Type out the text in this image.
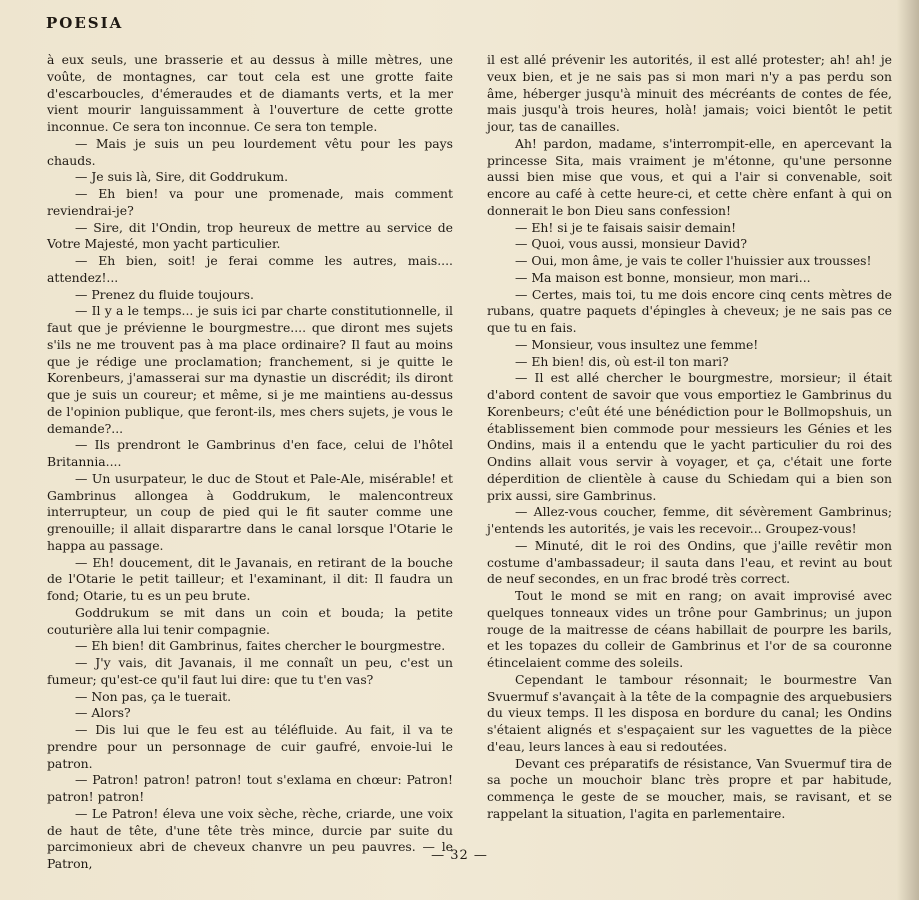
POESIA

à eux seuls, une brasserie et au dessus à mille mètres, une voûte, de montagnes, car tout cela est une grotte faite d'escarboucles, d'émeraudes et de diamants verts, et la mer vient mourir languissamment à l'ouverture de cette grotte inconnue. Ce sera ton inconnue. Ce sera ton temple.

— Mais je suis un peu lourdement vêtu pour les pays chauds.

— Je suis là, Sire, dit Goddrukum.

— Eh bien! va pour une promenade, mais comment reviendrai-je?

— Sire, dit l'Ondin, trop heureux de mettre au service de Votre Majesté, mon yacht particulier.

— Eh bien, soit! je ferai comme les autres, mais.... attendez!...

— Prenez du fluide toujours.

— Il y a le temps... je suis ici par charte constitutionnelle, il faut que je prévienne le bourgmestre.... que diront mes sujets s'ils ne me trouvent pas à ma place ordinaire? Il faut au moins que je rédige une proclamation; franchement, si je quitte le Korenbeurs, j'amasserai sur ma dynastie un discrédit; ils diront que je suis un coureur; et même, si je me maintiens au-dessus de l'opinion publique, que feront-ils, mes chers sujets, je vous le demande?...

— Ils prendront le Gambrinus d'en face, celui de l'hôtel Britannia....

— Un usurpateur, le duc de Stout et Pale-Ale, misérable! et Gambrinus allongea à Goddrukum, le malencontreux interrupteur, un coup de pied qui le fit sauter comme une grenouille; il allait disparartre dans le canal lorsque l'Otarie le happa au passage.

— Eh! doucement, dit le Javanais, en retirant de la bouche de l'Otarie le petit tailleur; et l'examinant, il dit: Il faudra un fond; Otarie, tu es un peu brute.

Goddrukum se mit dans un coin et bouda; la petite couturière alla lui tenir compagnie.

— Eh bien! dit Gambrinus, faites chercher le bourgmestre.

— J'y vais, dit Javanais, il me connaît un peu, c'est un fumeur; qu'est-ce qu'il faut lui dire: que tu t'en vas?

— Non pas, ça le tuerait.

— Alors?

— Dis lui que le feu est au téléfluide. Au fait, il va te prendre pour un personnage de cuir gaufré, envoie-lui le patron.

— Patron! patron! patron! tout s'exlama en chœur: Patron! patron! patron!

— Le Patron! éleva une voix sèche, rèche, criarde, une voix de haut de tête, d'une tête très mince, durcie par suite du parcimonieux abri de cheveux chanvre un peu pauvres. — le Patron,

il est allé prévenir les autorités, il est allé protester; ah! ah! je veux bien, et je ne sais pas si mon mari n'y a pas perdu son âme, héberger jusqu'à minuit des mécréants de contes de fée, mais jusqu'à trois heures, holà! jamais; voici bientôt le petit jour, tas de canailles.

Ah! pardon, madame, s'interrompit-elle, en apercevant la princesse Sita, mais vraiment je m'étonne, qu'une personne aussi bien mise que vous, et qui a l'air si convenable, soit encore au café à cette heure-ci, et cette chère enfant à qui on donnerait le bon Dieu sans confession!

— Eh! si je te faisais saisir demain!

— Quoi, vous aussi, monsieur David?

— Oui, mon âme, je vais te coller l'huissier aux trousses!

— Ma maison est bonne, monsieur, mon mari...

— Certes, mais toi, tu me dois encore cinq cents mètres de rubans, quatre paquets d'épingles à cheveux; je ne sais pas ce que tu en fais.

— Monsieur, vous insultez une femme!

— Eh bien! dis, où est-il ton mari?

— Il est allé chercher le bourgmestre, morsieur; il était d'abord content de savoir que vous emportiez le Gambrinus du Korenbeurs; c'eût été une bénédiction pour le Bollmopshuis, un établissement bien commode pour messieurs les Génies et les Ondins, mais il a entendu que le yacht particulier du roi des Ondins allait vous servir à voyager, et ça, c'était une forte déperdition de clientèle à cause du Schiedam qui a bien son prix aussi, sire Gambrinus.

— Allez-vous coucher, femme, dit sévèrement Gambrinus; j'entends les autorités, je vais les recevoir... Groupez-vous!

— Minuté, dit le roi des Ondins, que j'aille revêtir mon costume d'ambassadeur; il sauta dans l'eau, et revint au bout de neuf secondes, en un frac brodé très correct.

Tout le mond se mit en rang; on avait improvisé avec quelques tonneaux vides un trône pour Gambrinus; un jupon rouge de la maitresse de céans habillait de pourpre les barils, et les topazes du colleir de Gambrinus et l'or de sa couronne étincelaient comme des soleils.

Cependant le tambour résonnait; le bourmestre Van Svuermuf s'avançait à la tête de la compagnie des arquebusiers du vieux temps. Il les disposa en bordure du canal; les Ondins s'étaient alignés et s'espaçaient sur les vaguettes de la pièce d'eau, leurs lances à eau si redoutées.

Devant ces préparatifs de résistance, Van Svuermuf tira de sa poche un mouchoir blanc très propre et par habitude, commença le geste de se moucher, mais, se ravisant, et se rappelant la situation, l'agita en parlementaire.

— 32 —
